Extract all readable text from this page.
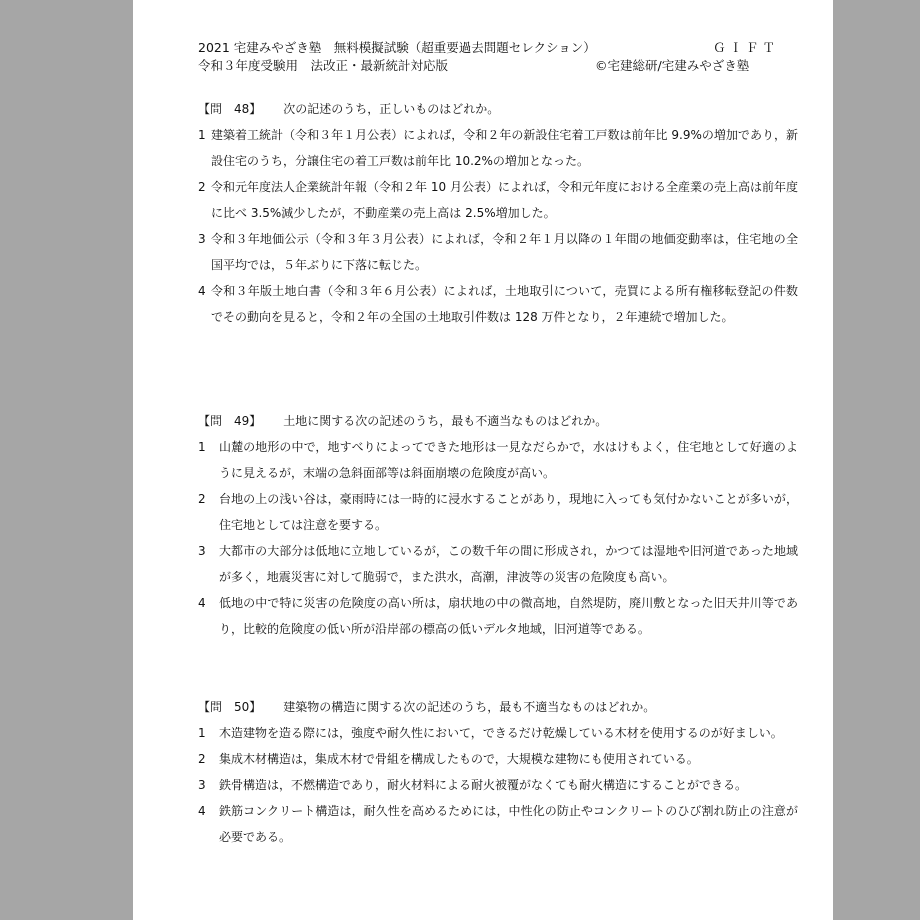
2021 宅建みやざき塾　無料模擬試験（超重要過去問題セレクション）	ＧＩＦＴ
令和３年度受験用　法改正・最新統計対応版	©宅建総研/宅建みやざき塾
【問　48】 次の記述のうち，正しいものはどれか。
1 建築着工統計（令和３年１月公表）によれば，令和２年の新設住宅着工戸数は前年比 9.9%の増加であり，新設住宅のうち，分譲住宅の着工戸数は前年比 10.2%の増加となった。
2 令和元年度法人企業統計年報（令和２年 10 月公表）によれば，令和元年度における全産業の売上高は前年度に比べ 3.5%減少したが，不動産業の売上高は 2.5%増加した。
3 令和３年地価公示（令和３年３月公表）によれば，令和２年１月以降の１年間の地価変動率は，住宅地の全国平均では，５年ぶりに下落に転じた。
4 令和３年版土地白書（令和３年６月公表）によれば，土地取引について，売買による所有権移転登記の件数でその動向を見ると，令和２年の全国の土地取引件数は 128 万件となり，２年連続で増加した。
【問　49】 土地に関する次の記述のうち，最も不適当なものはどれか。
1	山麓の地形の中で，地すべりによってできた地形は一見なだらかで，水はけもよく，住宅地として好適のように見えるが，末端の急斜面部等は斜面崩壊の危険度が高い。
2	台地の上の浅い谷は，豪雨時には一時的に浸水することがあり，現地に入っても気付かないことが多いが，住宅地としては注意を要する。
3	大都市の大部分は低地に立地しているが，この数千年の間に形成され，かつては湿地や旧河道であった地域が多く，地震災害に対して脆弱で，また洪水，高潮，津波等の災害の危険度も高い。
4	低地の中で特に災害の危険度の高い所は，扇状地の中の微高地，自然堤防，廃川敷となった旧天井川等であり，比較的危険度の低い所が沿岸部の標高の低いデルタ地域，旧河道等である。
【問　50】 建築物の構造に関する次の記述のうち，最も不適当なものはどれか。
1	木造建物を造る際には，強度や耐久性において，できるだけ乾燥している木材を使用するのが好ましい。
2	集成木材構造は，集成木材で骨組を構成したもので，大規模な建物にも使用されている。
3	鉄骨構造は，不燃構造であり，耐火材料による耐火被覆がなくても耐火構造にすることができる。
4	鉄筋コンクリート構造は，耐久性を高めるためには，中性化の防止やコンクリートのひび割れ防止の注意が必要である。
